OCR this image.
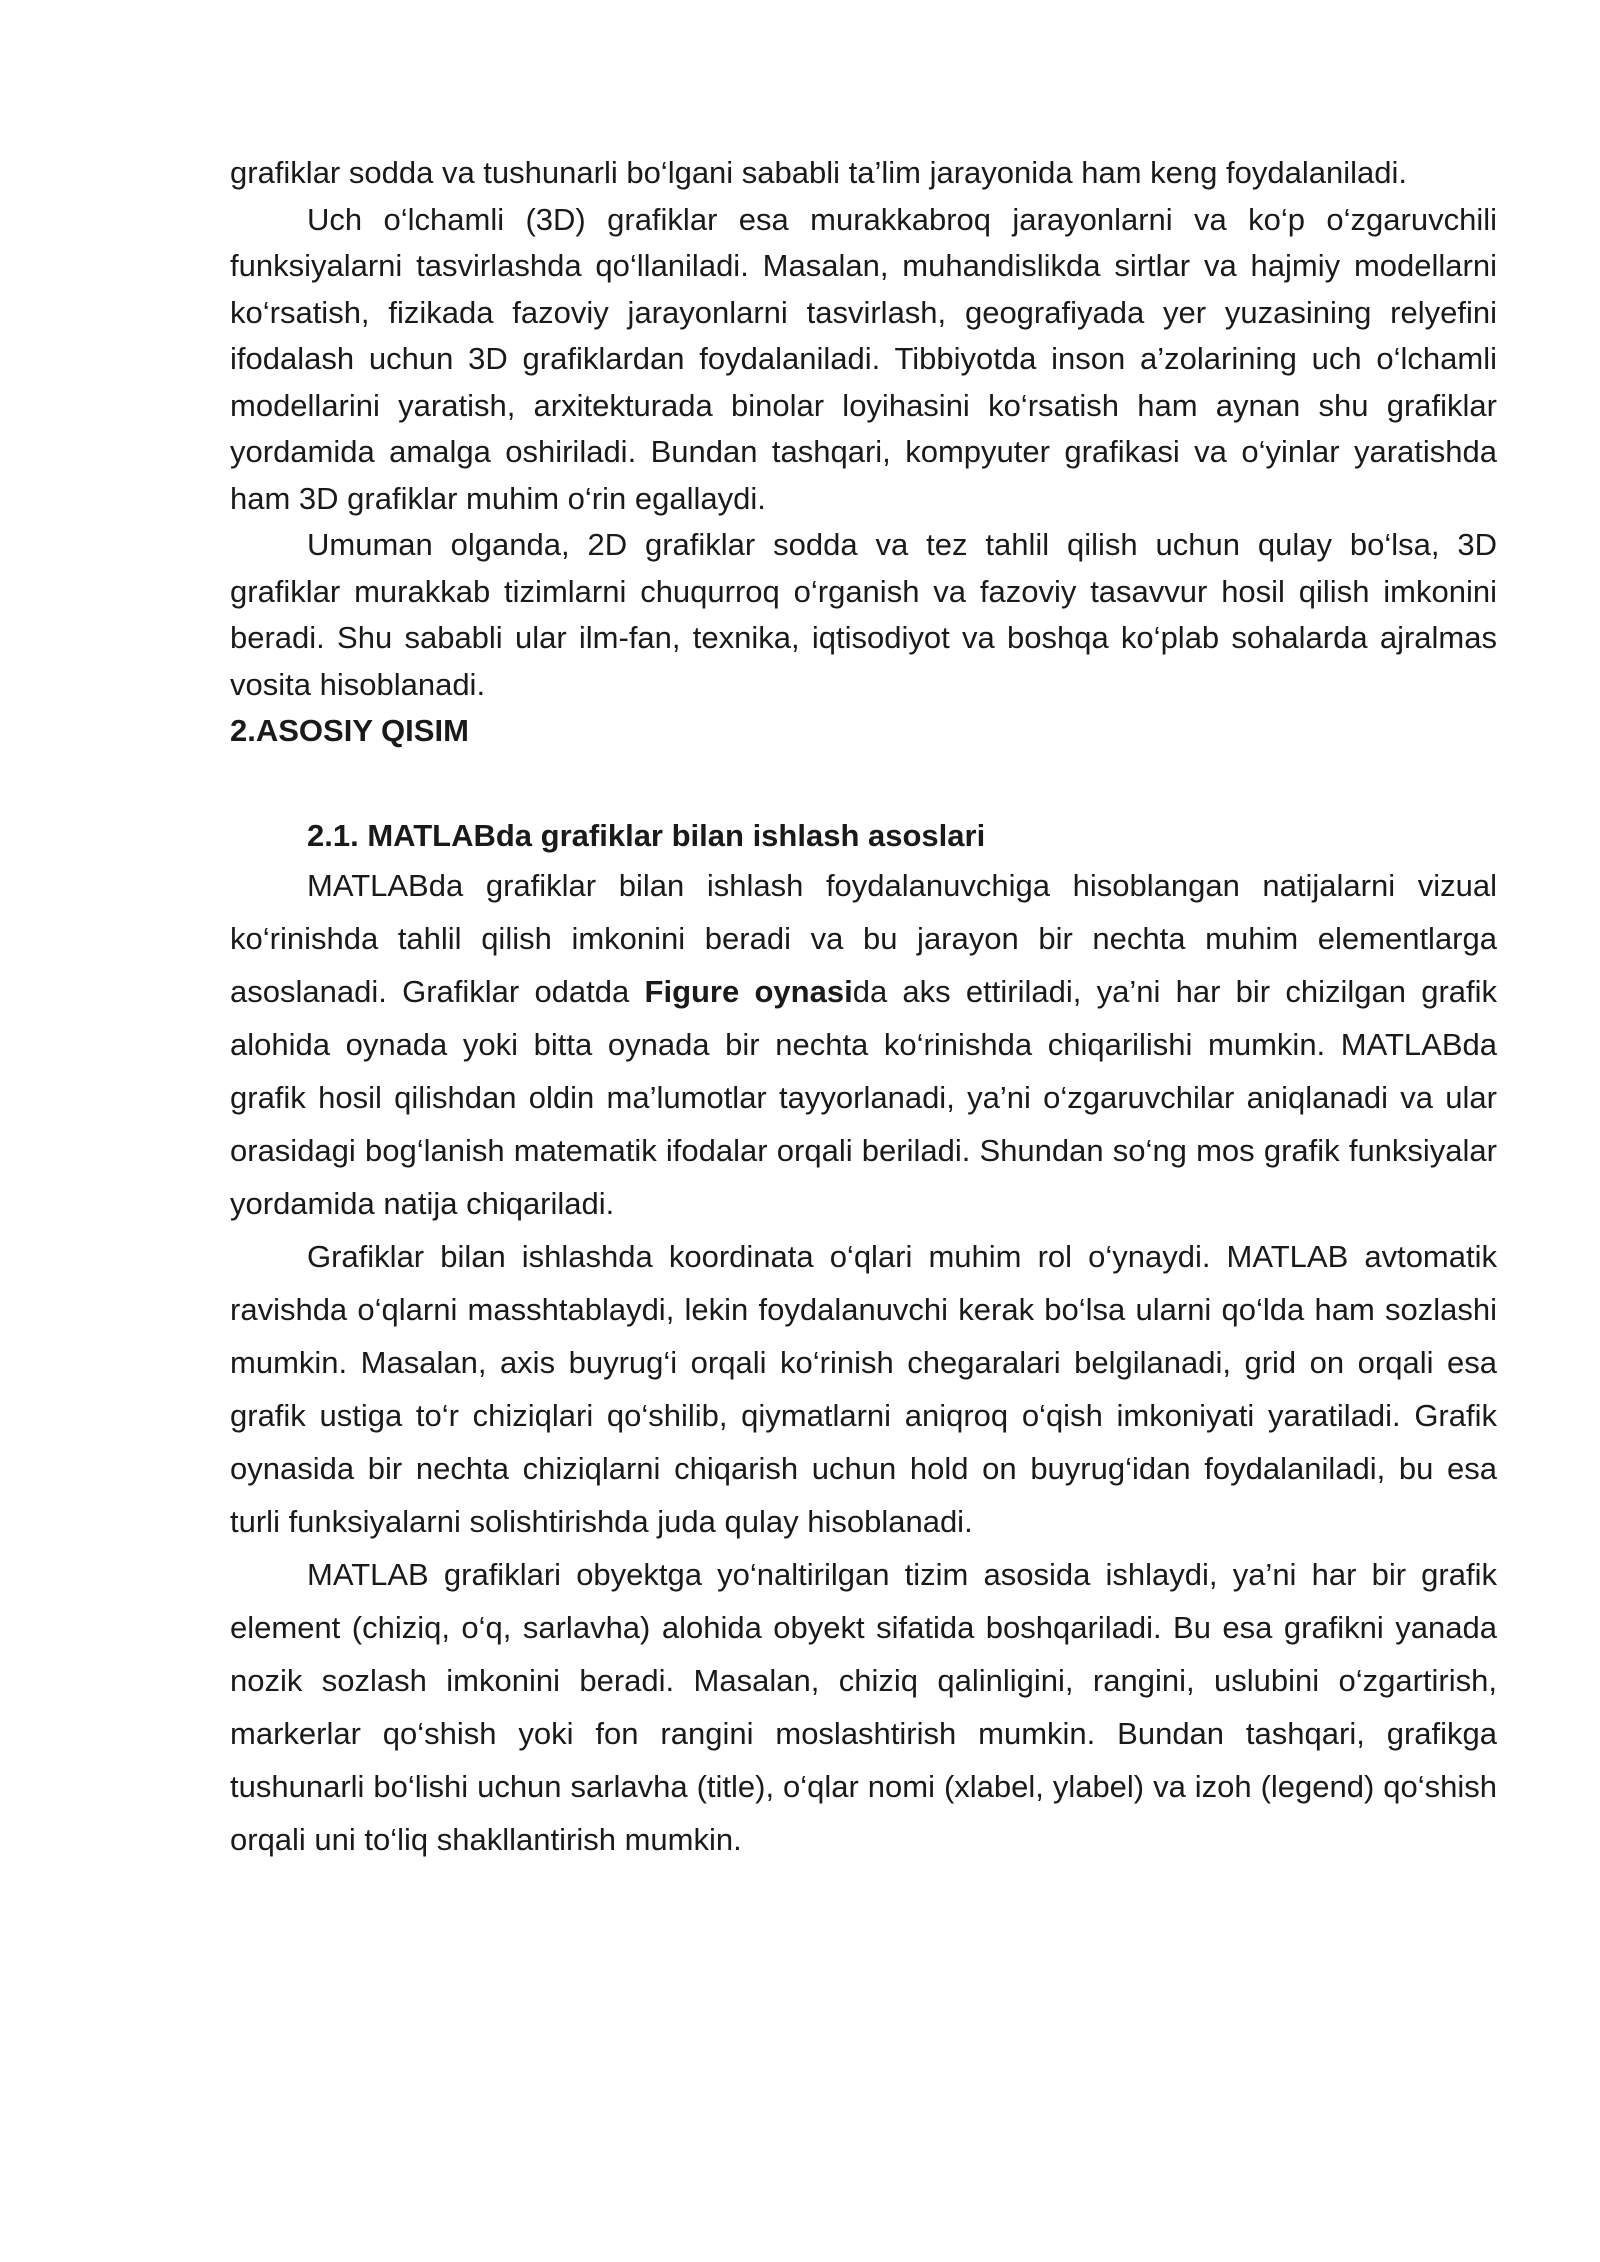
grafiklar sodda va tushunarli bo‘lgani sababli ta’lim jarayonida ham keng foydalaniladi.

Uch o‘lchamli (3D) grafiklar esa murakkabroq jarayonlarni va ko‘p o‘zgaruvchili funksiyalarni tasvirlashda qo‘llaniladi. Masalan, muhandislikda sirtlar va hajmiy modellarni ko‘rsatish, fizikada fazoviy jarayonlarni tasvirlash, geografiyada yer yuzasining relyefini ifodalash uchun 3D grafiklardan foydalaniladi. Tibbiyotda inson a’zolarining uch o‘lchamli modellarini yaratish, arxitekturada binolar loyihasini ko‘rsatish ham aynan shu grafiklar yordamida amalga oshiriladi. Bundan tashqari, kompyuter grafikasi va o‘yinlar yaratishda ham 3D grafiklar muhim o‘rin egallaydi.

Umuman olganda, 2D grafiklar sodda va tez tahlil qilish uchun qulay bo‘lsa, 3D grafiklar murakkab tizimlarni chuqurroq o‘rganish va fazoviy tasavvur hosil qilish imkonini beradi. Shu sababli ular ilm-fan, texnika, iqtisodiyot va boshqa ko‘plab sohalarda ajralmas vosita hisoblanadi.

2.ASOSIY QISIM
2.1. MATLABda grafiklar bilan ishlash asoslari

MATLABda grafiklar bilan ishlash foydalanuvchiga hisoblangan natijalarni vizual ko‘rinishda tahlil qilish imkonini beradi va bu jarayon bir nechta muhim elementlarga asoslanadi. Grafiklar odatda Figure oynasida aks ettiriladi, ya’ni har bir chizilgan grafik alohida oynada yoki bitta oynada bir nechta ko‘rinishda chiqarilishi mumkin. MATLABda grafik hosil qilishdan oldin ma’lumotlar tayyorlanadi, ya’ni o‘zgaruvchilar aniqlanadi va ular orasidagi bog‘lanish matematik ifodalar orqali beriladi. Shundan so‘ng mos grafik funksiyalar yordamida natija chiqariladi.

Grafiklar bilan ishlashda koordinata o‘qlari muhim rol o‘ynaydi. MATLAB avtomatik ravishda o‘qlarni masshtablaydi, lekin foydalanuvchi kerak bo‘lsa ularni qo‘lda ham sozlashi mumkin. Masalan, axis buyrug‘i orqali ko‘rinish chegaralari belgilanadi, grid on orqali esa grafik ustiga to‘r chiziqlari qo‘shilib, qiymatlarni aniqroq o‘qish imkoniyati yaratiladi. Grafik oynasida bir nechta chiziqlarni chiqarish uchun hold on buyrug‘idan foydalaniladi, bu esa turli funksiyalarni solishtirishda juda qulay hisoblanadi.

MATLAB grafiklari obyektga yo‘naltirilgan tizim asosida ishlaydi, ya’ni har bir grafik element (chiziq, o‘q, sarlavha) alohida obyekt sifatida boshqariladi. Bu esa grafikni yanada nozik sozlash imkonini beradi. Masalan, chiziq qalinligini, rangini, uslubini o‘zgartirish, markerlar qo‘shish yoki fon rangini moslashtirish mumkin. Bundan tashqari, grafikga tushunarli bo‘lishi uchun sarlavha (title), o‘qlar nomi (xlabel, ylabel) va izoh (legend) qo‘shish orqali uni to‘liq shakllantirish mumkin.
